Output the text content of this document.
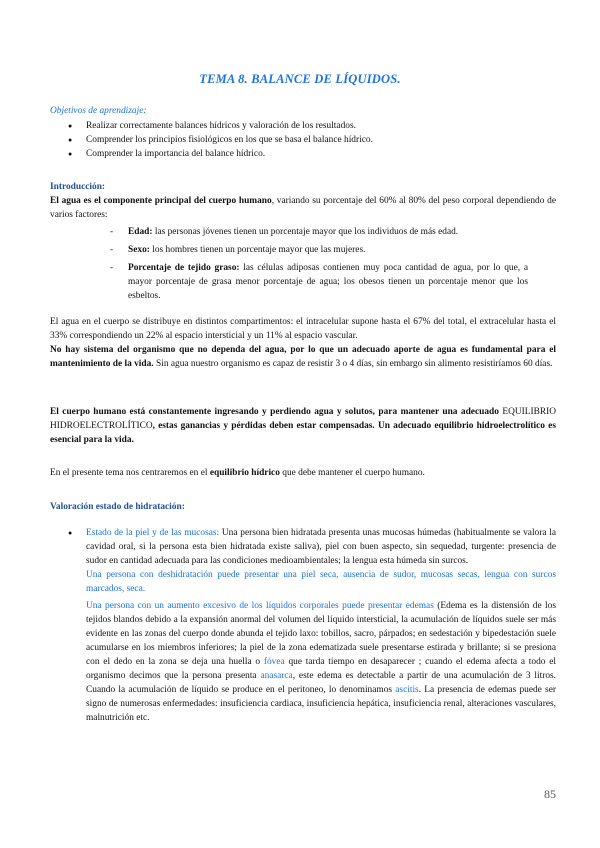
TEMA 8. BALANCE DE LÍQUIDOS.
Objetivos de aprendizaje:
● Realizar correctamente balances hídricos y valoración de los resultados.
● Comprender los principios fisiológicos en los que se basa el balance hídrico.
● Comprender la importancia del balance hídrico.
Introducción:
El agua es el componente principal del cuerpo humano, variando su porcentaje del 60% al 80% del peso corporal dependiendo de varios factores:
- Edad: las personas jóvenes tienen un porcentaje mayor que los individuos de más edad.
- Sexo: los hombres tienen un porcentaje mayor que las mujeres.
- Porcentaje de tejido graso: las células adiposas contienen muy poca cantidad de agua, por lo que, a mayor porcentaje de grasa menor porcentaje de agua; los obesos tienen un porcentaje menor que los esbeltos.
El agua en el cuerpo se distribuye en distintos compartimentos: el intracelular supone hasta el 67% del total, el extracelular hasta el 33% correspondiendo un 22% al espacio intersticial y un 11% al espacio vascular.
No hay sistema del organismo que no dependa del agua, por lo que un adecuado aporte de agua es fundamental para el mantenimiento de la vida. Sin agua nuestro organismo es capaz de resistir 3 o 4 días, sin embargo sin alimento resistiríamos 60 días.
El cuerpo humano está constantemente ingresando y perdiendo agua y solutos, para mantener una adecuado EQUILIBRIO HIDROELECTROLÍTICO, estas ganancias y pérdidas deben estar compensadas. Un adecuado equilibrio hidroelectrolítico es esencial para la vida.
En el presente tema nos centraremos en el equilibrio hídrico que debe mantener el cuerpo humano.
Valoración estado de hidratación:
● Estado de la piel y de las mucosas: Una persona bien hidratada presenta unas mucosas húmedas (habitualmente se valora la cavidad oral, si la persona esta bien hidratada existe saliva), piel con buen aspecto, sin sequedad, turgente: presencia de sudor en cantidad adecuada para las condiciones medioambientales; la lengua esta húmeda sin surcos.
Una persona con deshidratación puede presentar una piel seca, ausencia de sudor, mucosas secas, lengua con surcos marcados, seca.
Una persona con un aumento excesivo de los líquidos corporales puede presentar edemas (Edema es la distensión de los tejidos blandos debido a la expansión anormal del volumen del líquido intersticial, la acumulación de líquidos suele ser más evidente en las zonas del cuerpo donde abunda el tejido laxo: tobillos, sacro, párpados; en sedestación y bipedestación suele acumularse en los miembros inferiores; la piel de la zona edematizada suele presentarse estirada y brillante; si se presiona con el dedo en la zona se deja una huella o fóvea que tarda tiempo en desaparecer ; cuando el edema afecta a todo el organismo decimos que la persona presenta anasarca, este edema es detectable a partir de una acumulación de 3 litros. Cuando la acumulación de líquido se produce en el peritoneo, lo denominamos ascitis. La presencia de edemas puede ser signo de numerosas enfermedades: insuficiencia cardiaca, insuficiencia hepática, insuficiencia renal, alteraciones vasculares, malnutrición etc.
85
